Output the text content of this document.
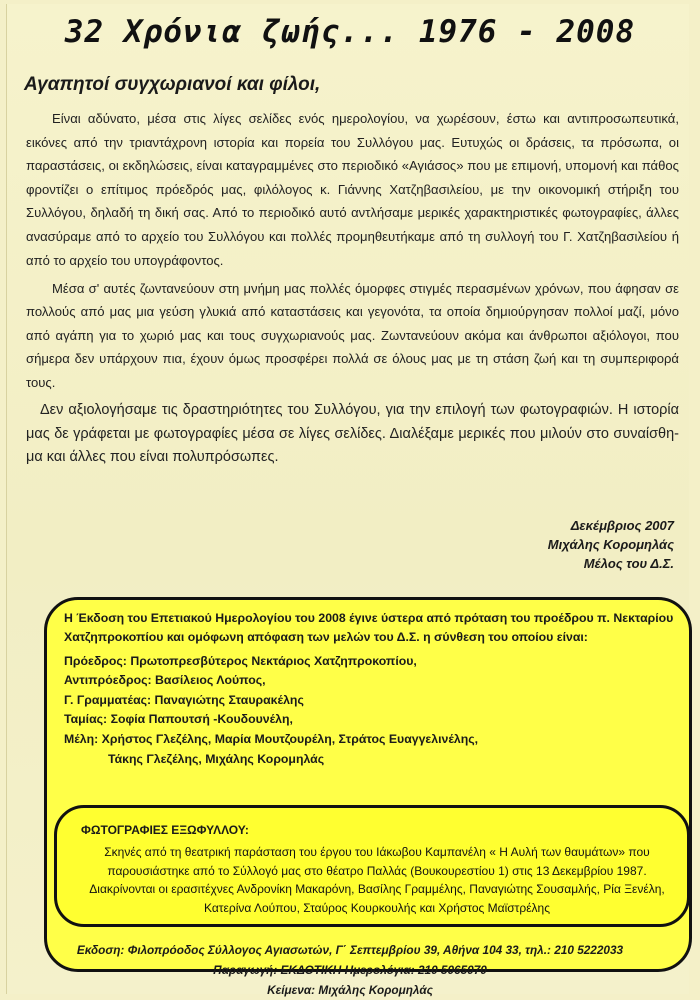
32 Χρόνια ζωής... 1976 - 2008
Αγαπητοί συγχωριανοί και φίλοι,

Είναι αδύνατο, μέσα στις λίγες σελίδες ενός ημερολογίου, να χωρέσουν, έστω και αντιπροσωπευτικά, εικόνες από την τριαντάχρονη ιστορία και πορεία του Συλλόγου μας. Ευτυχώς οι δράσεις, τα πρόσωπα, οι παραστάσεις, οι εκδηλώσεις, είναι καταγραμμένες στο περιοδικό «Αγιάσος» που με επιμονή, υπομονή και πάθος φροντίζει ο επίτιμος πρόεδρός μας, φιλόλογος κ. Γιάννης Χατζηβασιλείου, με την οικονομική στήριξη του Συλλόγου, δηλαδή τη δική σας. Από το περιοδικό αυτό αντλήσαμε μερικές χαρακτηριστικές φωτογραφίες, άλλες ανασύραμε από το αρχείο του Συλλόγου και πολλές προμηθευτήκαμε από τη συλλογή του Γ. Χατζηβασιλείου ή από το αρχείο του υπογράφοντος.

Μέσα σ' αυτές ζωντανεύουν στη μνήμη μας πολλές όμορφες στιγμές περασμένων χρόνων, που άφησαν σε πολλούς από μας μια γεύση γλυκιά από καταστάσεις και γεγονότα, τα οποία δημιούργησαν πολλοί μαζί, μόνο από αγάπη για το χωριό μας και τους συγχωριανούς μας. Ζωντανεύουν ακόμα και άνθρωποι αξιόλογοι, που σήμερα δεν υπάρχουν πια, έχουν όμως προσφέρει πολλά σε όλους μας με τη στάση ζωή και τη συμπεριφορά τους.

Δεν αξιολογήσαμε τις δραστηριότητες του Συλλόγου, για την επιλογή των φωτογραφιών. Η ιστορία μας δε γράφεται με φωτογραφίες μέσα σε λίγες σελίδες. Διαλέξαμε μερικές που μιλούν στο συναίσθη-μα και άλλες που είναι πολυπρόσωπες.

Δεκέμβριος 2007
Μιχάλης Κορομηλάς
Μέλος του Δ.Σ.

Η Έκδοση του Επετιακού Ημερολογίου του 2008 έγινε ύστερα από πρόταση του προέδρου π. Νεκταρίου Χατζηπροκοπίου και ομόφωνη απόφαση των μελών του Δ.Σ. η σύνθεση του οποίου είναι:

Πρόεδρος: Πρωτοπρεσβύτερος Νεκτάριος Χατζηπροκοπίου,
Αντιπρόεδρος: Βασίλειος Λούπος,
Γ. Γραμματέας: Παναγιώτης Σταυρακέλης
Ταμίας: Σοφία Παπουτσή -Κουδουνέλη,
Μέλη: Χρήστος Γλεζέλης, Μαρία Μουτζουρέλη, Στράτος Ευαγγελινέλης,
Τάκης Γλεζέλης, Μιχάλης Κορομηλάς
ΦΩΤΟΓΡΑΦΙΕΣ ΕΞΩΦΥΛΛΟΥ:
Σκηνές από τη θεατρική παράσταση του έργου του Ιάκωβου Καμπανέλη « Η Αυλή των θαυμάτων» που παρουσιάστηκε από το Σύλλογό μας στο θέατρο Παλλάς (Βουκουρεστίου 1) στις 13 Δεκεμβρίου 1987. Διακρίνονται οι ερασιτέχνες Ανδρονίκη Μακαρόνη, Βασίλης Γραμμέλης, Παναγιώτης Σουσαμλής, Ρία Ξενέλη, Κατερίνα Λούπου, Σταύρος Κουρκουλής και Χρήστος Μαϊστρέλης
Εκδοση: Φιλοπρόοδος Σύλλογος Αγιασωτών, Γ΄ Σεπτεμβρίου 39, Αθήνα 104 33, τηλ.: 210 5222033
Παραγωγή: ΕΚΔΟΤΙΚΗ Ημερολόγια: 210 5065070
Κείμενα: Μιχάλης Κορομηλάς
